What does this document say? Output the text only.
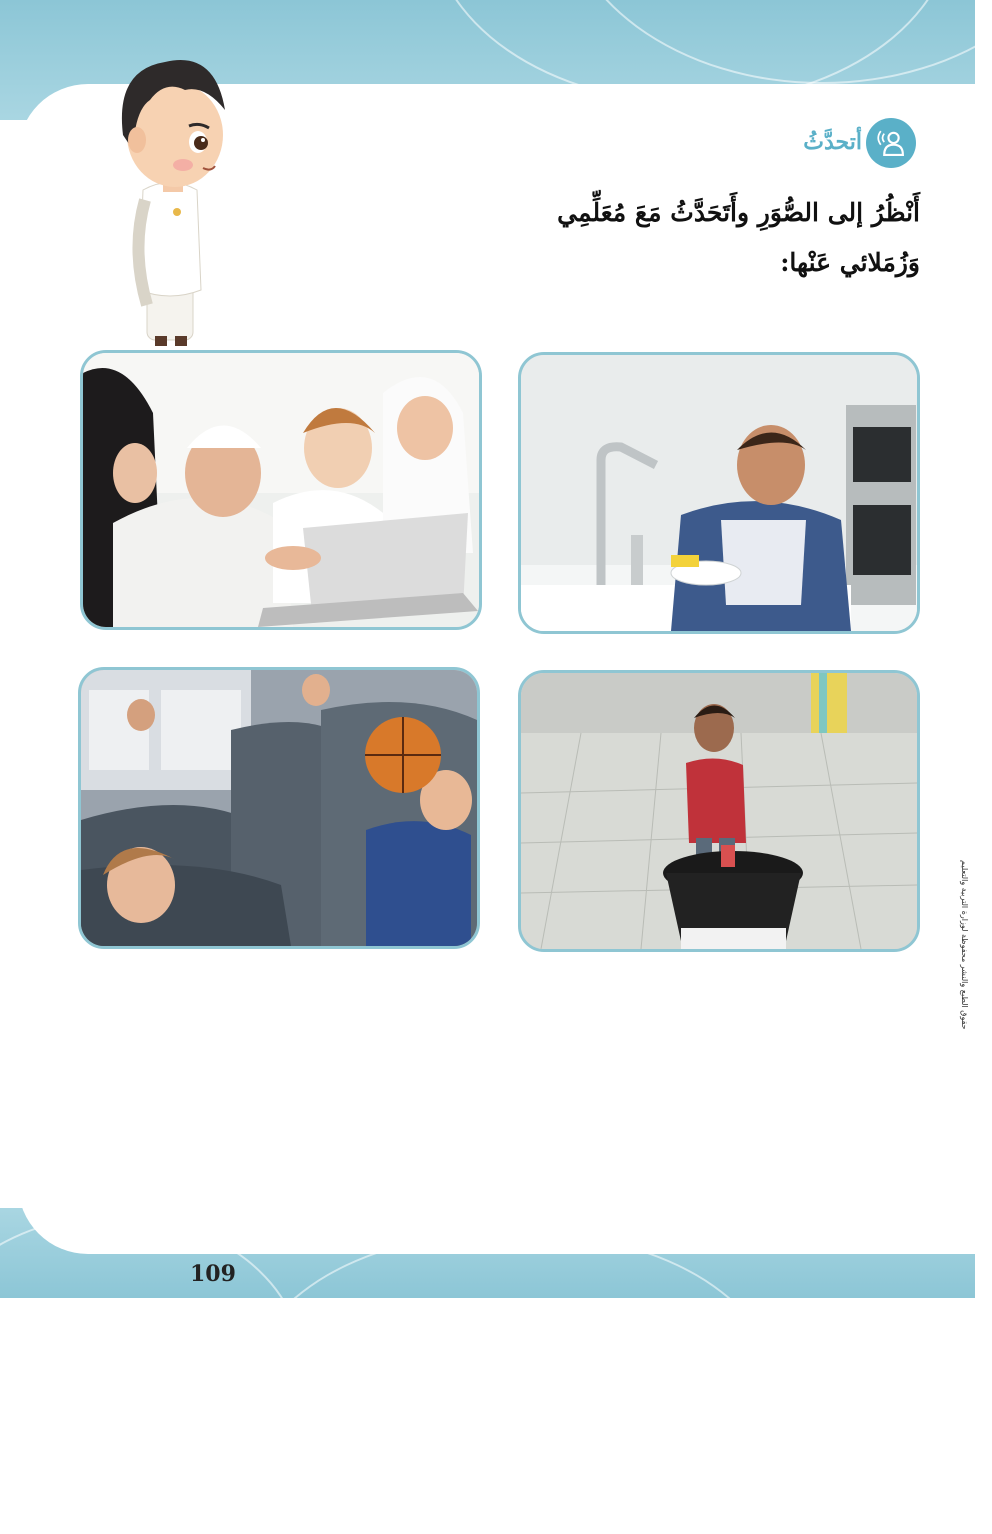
أتحدَّثُ
أَنْظُرُ إلى الصُّوَرِ وأَتَحَدَّثُ مَعَ مُعَلِّمِي وَزُمَلائي عَنْها:
حقوق الطبع والنشر محفوظة لوزارة التربية والتعليم
109
